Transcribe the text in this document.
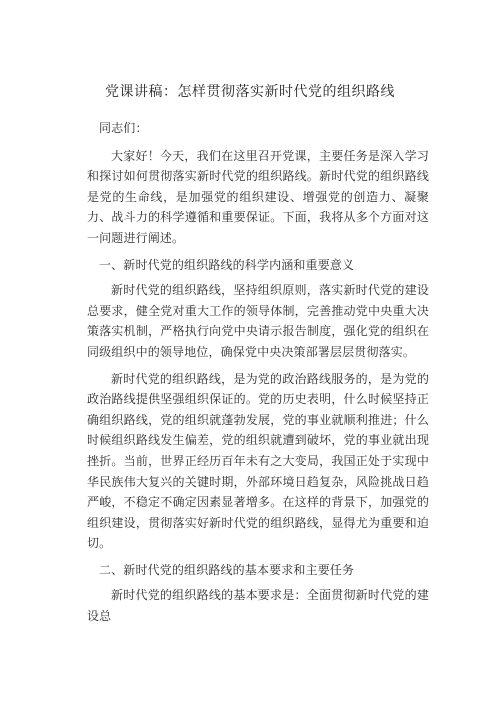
党课讲稿：怎样贯彻落实新时代党的组织路线

同志们：

大家好！今天，我们在这里召开党课，主要任务是深入学习和探讨如何贯彻落实新时代党的组织路线。新时代党的组织路线是党的生命线，是加强党的组织建设、增强党的创造力、凝聚力、战斗力的科学遵循和重要保证。下面，我将从多个方面对这一问题进行阐述。

一、新时代党的组织路线的科学内涵和重要意义

新时代党的组织路线，坚持组织原则，落实新时代党的建设总要求，健全党对重大工作的领导体制，完善推动党中央重大决策落实机制，严格执行向党中央请示报告制度，强化党的组织在同级组织中的领导地位，确保党中央决策部署层层贯彻落实。

新时代党的组织路线，是为党的政治路线服务的，是为党的政治路线提供坚强组织保证的。党的历史表明，什么时候坚持正确组织路线，党的组织就蓬勃发展，党的事业就顺利推进；什么时候组织路线发生偏差，党的组织就遭到破坏，党的事业就出现挫折。当前，世界正经历百年未有之大变局，我国正处于实现中华民族伟大复兴的关键时期，外部环境日趋复杂，风险挑战日趋严峻，不稳定不确定因素显著增多。在这样的背景下，加强党的组织建设，贯彻落实好新时代党的组织路线，显得尤为重要和迫切。

二、新时代党的组织路线的基本要求和主要任务

新时代党的组织路线的基本要求是：全面贯彻新时代党的建设总
